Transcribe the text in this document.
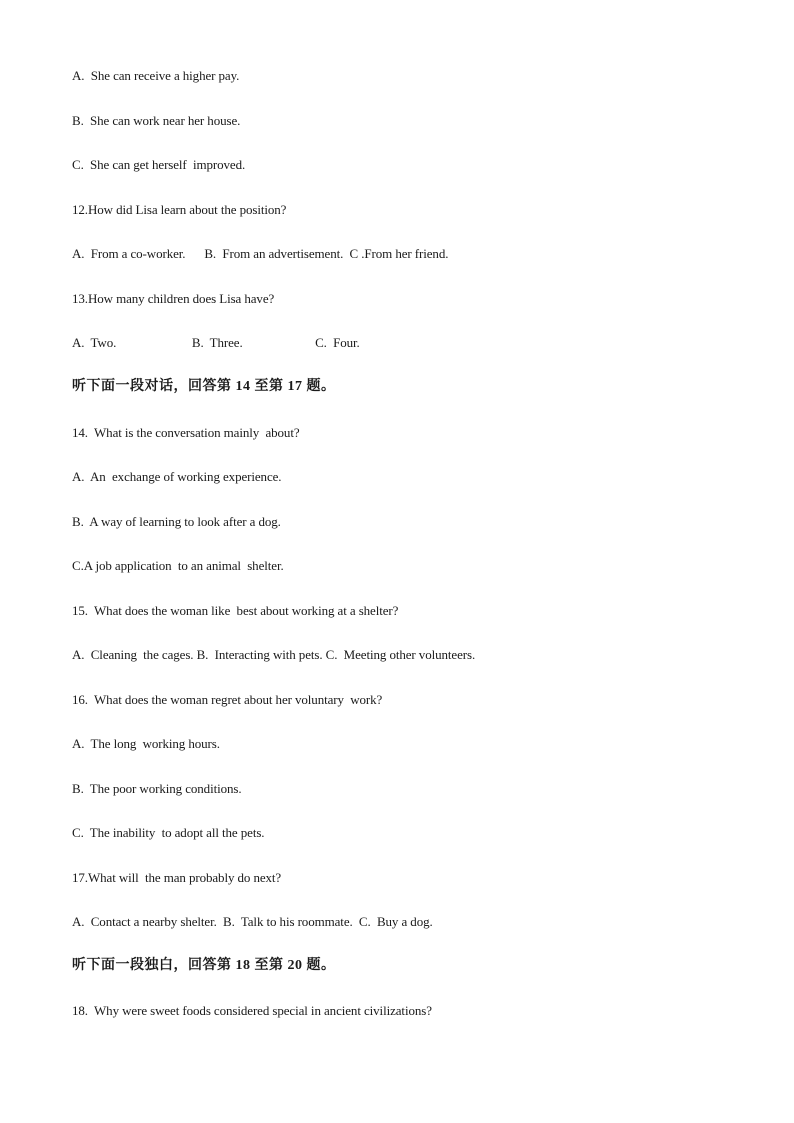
A.  She can receive a higher pay.
B.  She can work near her house.
C.  She can get herself  improved.
12.How did Lisa learn about the position?
A.  From a co-worker.      B.  From an advertisement.  C .From her friend.
13.How many children does Lisa have?
A.  Two.                        B.  Three.                       C.  Four.
听下面一段对话，回答第 14 至第 17 题。
14.  What is the conversation mainly  about?
A.  An  exchange of working experience.
B.  A way of learning to look after a dog.
C.A job application  to an animal  shelter.
15.  What does the woman like  best about working at a shelter?
A.  Cleaning  the cages. B.  Interacting with pets. C.  Meeting other volunteers.
16.  What does the woman regret about her voluntary  work?
A.  The long  working hours.
B.  The poor working conditions.
C.  The inability  to adopt all the pets.
17.What will  the man probably do next?
A.  Contact a nearby shelter.  B.  Talk to his roommate.  C.  Buy a dog.
听下面一段独白，回答第 18 至第 20 题。
18.  Why were sweet foods considered special in ancient civilizations?
